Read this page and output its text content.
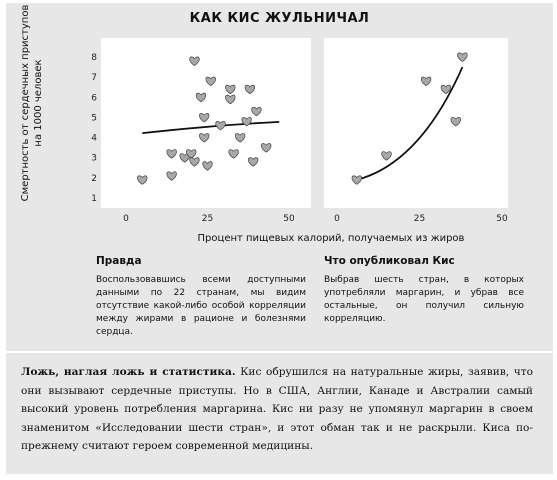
КАК КИС ЖУЛЬНИЧАЛ
Смертность от сердечных приступов на 1000 человек
0	25	50
1
2
3
4
5
6
7
8
0	25	50
Процент пищевых калорий, получаемых из жиров
Правда
Воспользовавшись всеми доступными данными по 22 странам, мы видим отсутствие какой-либо особой корреляции между жирами в рационе и болезнями сердца.
Что опубликовал Кис
Выбрав шесть стран, в которых употребляли маргарин, и убрав все остальные, он получил сильную корреляцию.
Ложь, наглая ложь и статистика. Кис обрушился на натуральные жиры, заявив, что они вызывают сердечные приступы. Но в США, Англии, Канаде и Австралии самый высокий уровень потребления маргарина. Кис ни разу не упомянул маргарин в своем знаменитом «Исследовании шести стран», и этот обман так и не раскрыли. Киса по-прежнему считают героем современной медицины.
